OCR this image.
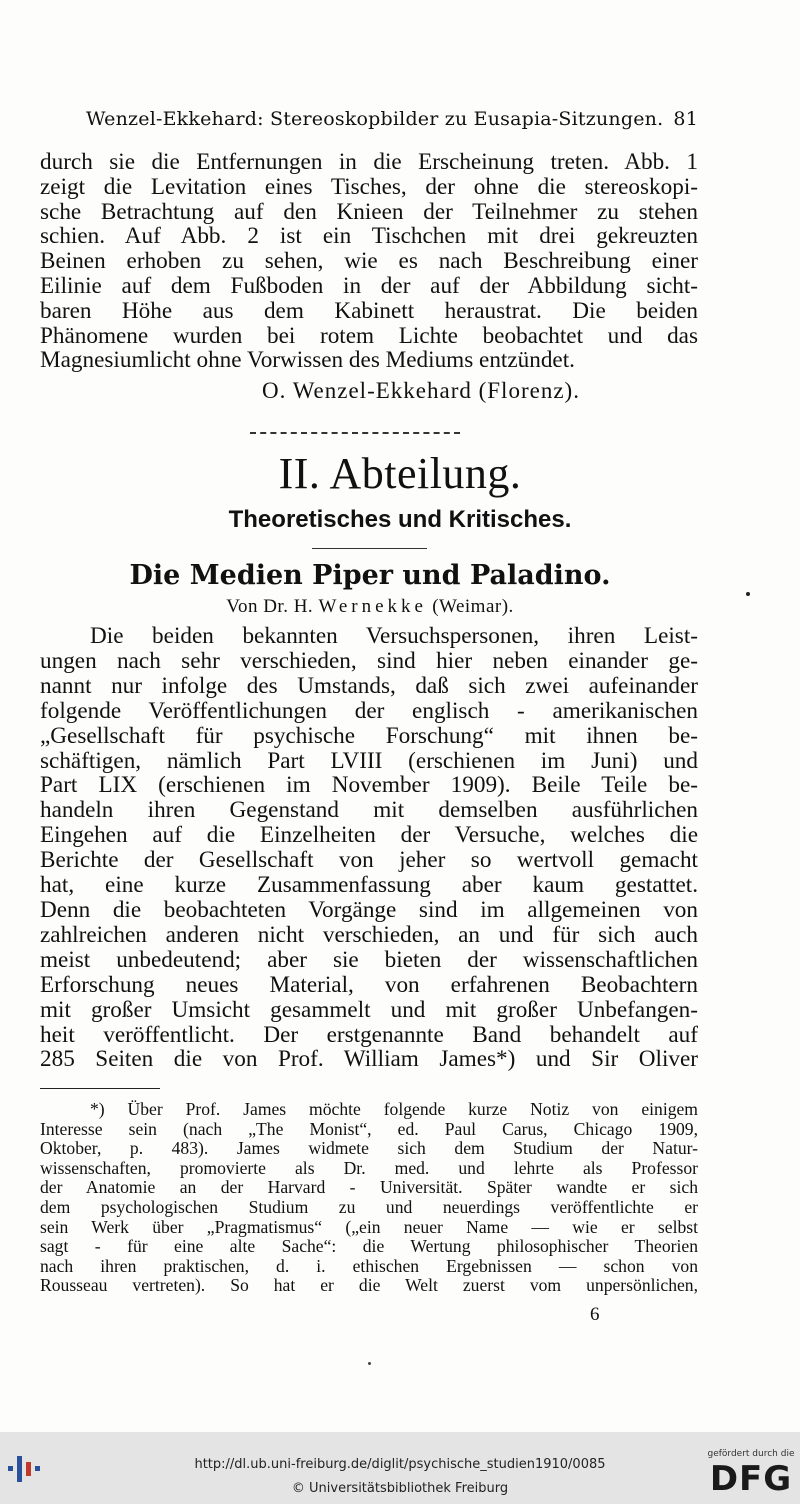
Wenzel-Ekkehard: Stereoskopbilder zu Eusapia-Sitzungen. 81
durch sie die Entfernungen in die Erscheinung treten. Abb. 1
zeigt die Levitation eines Tisches, der ohne die stereoskopi-
sche Betrachtung auf den Knieen der Teilnehmer zu stehen
schien. Auf Abb. 2 ist ein Tischchen mit drei gekreuzten
Beinen erhoben zu sehen, wie es nach Beschreibung einer
Eilinie auf dem Fußboden in der auf der Abbildung sicht-
baren Höhe aus dem Kabinett heraustrat. Die beiden
Phänomene wurden bei rotem Lichte beobachtet und das
Magnesiumlicht ohne Vorwissen des Mediums entzündet.
O. Wenzel-Ekkehard (Florenz).
II. Abteilung.
Theoretisches und Kritisches.
Die Medien Piper und Paladino.
Von Dr. H. Wernekke (Weimar).

Die beiden bekannten Versuchspersonen, ihren Leist-

ungen nach sehr verschieden, sind hier neben einander ge-
nannt nur infolge des Umstands, daß sich zwei aufeinander
folgende Veröffentlichungen der englisch - amerikanischen
„Gesellschaft für psychische Forschung“ mit ihnen be-
schäftigen, nämlich Part LVIII (erschienen im Juni) und
Part LIX (erschienen im November 1909). Beile Teile be-
handeln ihren Gegenstand mit demselben ausführlichen
Eingehen auf die Einzelheiten der Versuche, welches die
Berichte der Gesellschaft von jeher so wertvoll gemacht
hat, eine kurze Zusammenfassung aber kaum gestattet.
Denn die beobachteten Vorgänge sind im allgemeinen von
zahlreichen anderen nicht verschieden, an und für sich auch
meist unbedeutend; aber sie bieten der wissenschaftlichen
Erforschung neues Material, von erfahrenen Beobachtern
mit großer Umsicht gesammelt und mit großer Unbefangen-
heit veröffentlicht. Der erstgenannte Band behandelt auf
285 Seiten die von Prof. William James*) und Sir Oliver

*) Über Prof. James möchte folgende kurze Notiz von einigem

Interesse sein (nach „The Monist“, ed. Paul Carus, Chicago 1909,
Oktober, p. 483). James widmete sich dem Studium der Natur-
wissenschaften, promovierte als Dr. med. und lehrte als Professor
der Anatomie an der Harvard - Universität. Später wandte er sich
dem psychologischen Studium zu und neuerdings veröffentlichte er
sein Werk über „Pragmatismus“ („ein neuer Name — wie er selbst
sagt - für eine alte Sache“: die Wertung philosophischer Theorien
nach ihren praktischen, d. i. ethischen Ergebnissen — schon von
Rousseau vertreten). So hat er die Welt zuerst vom unpersönlichen,
6
http://dl.ub.uni-freiburg.de/diglit/psychische_studien1910/0085
© Universitätsbibliothek Freiburg
gefördert durch die
DFG
